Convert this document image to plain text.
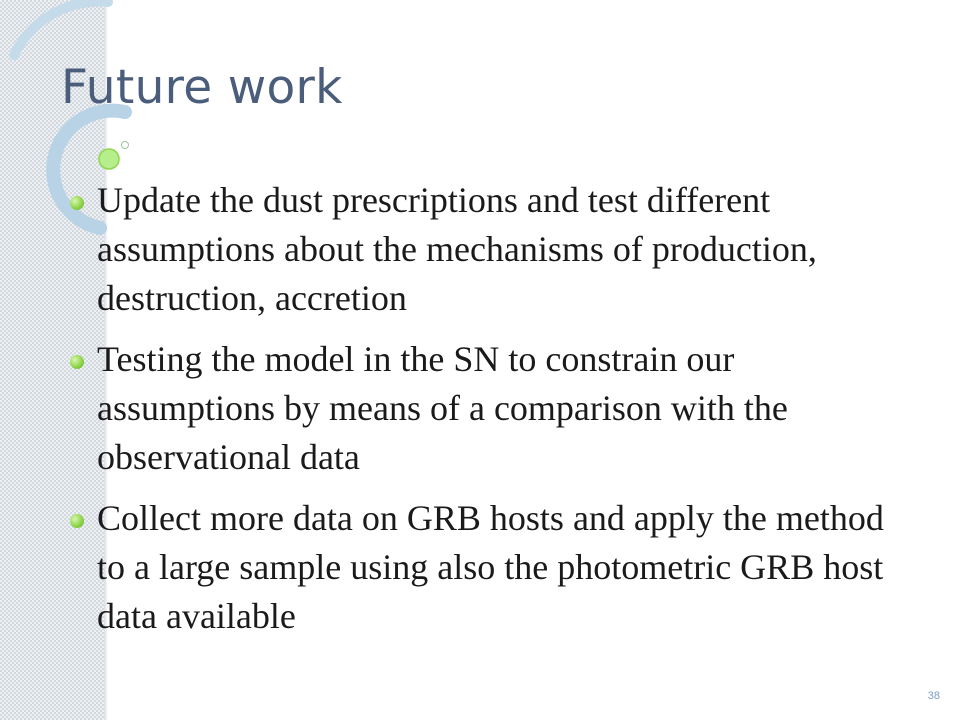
Future work
Update the dust prescriptions and test different assumptions about the mechanisms of production, destruction, accretion
Testing the model in the SN to constrain our assumptions by means of a comparison with the observational data
Collect more data on GRB hosts and apply the method to a large sample using also the photometric GRB host data available
38
